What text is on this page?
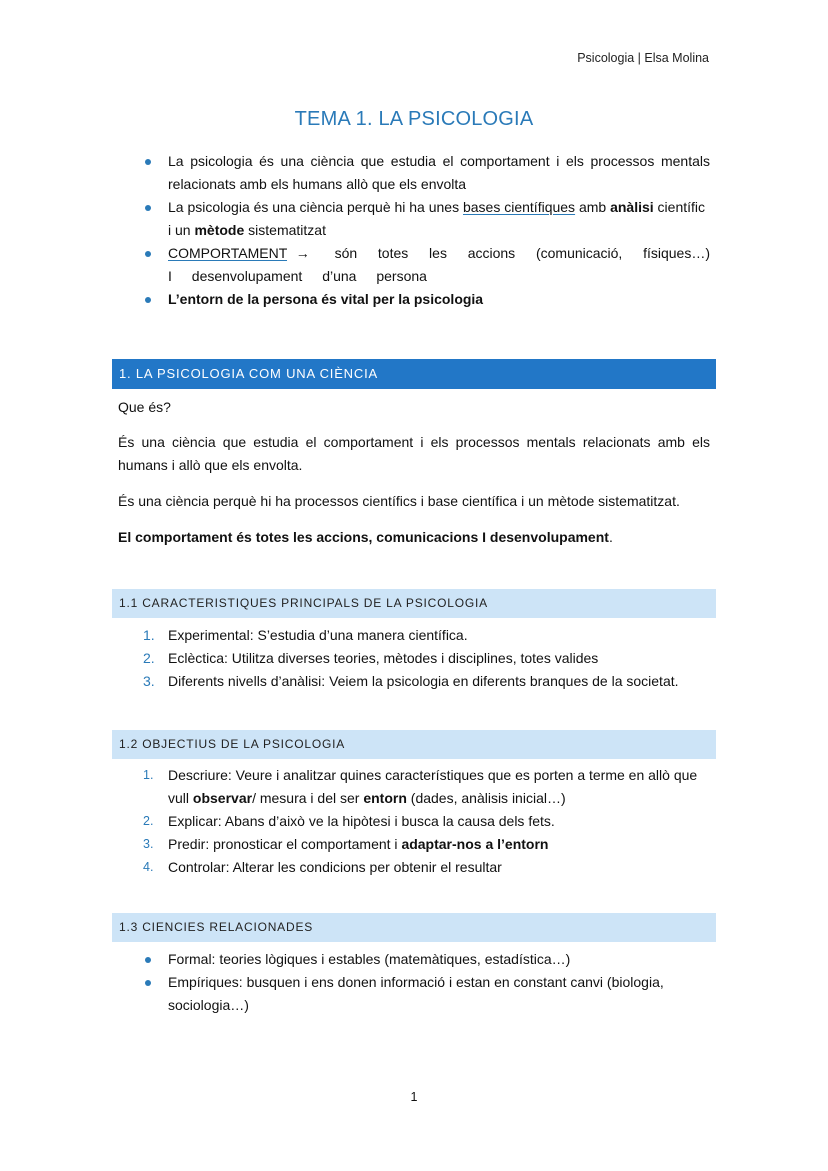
Psicologia | Elsa Molina
TEMA 1. LA PSICOLOGIA
La psicologia és una ciència que estudia el comportament i els processos mentals relacionats amb els humans allò que els envolta
La psicologia és una ciència perquè hi ha unes bases científiques amb anàlisi científic i un mètode sistematitzat
COMPORTAMENT → són totes les accions (comunicació, físiques…) I desenvolupament d’una persona
L’entorn de la persona és vital per la psicologia
1. LA PSICOLOGIA COM UNA CIÈNCIA
Que és?
És una ciència que estudia el comportament i els processos mentals relacionats amb els humans i allò que els envolta.
És una ciència perquè hi ha processos científics i base científica i un mètode sistematitzat.
El comportament és totes les accions, comunicacions I desenvolupament.
1.1 CARACTERISTIQUES PRINCIPALS DE LA PSICOLOGIA
1. Experimental: S’estudia d’una manera científica.
2. Eclèctica: Utilitza diverses teories, mètodes i disciplines, totes valides
3. Diferents nivells d’anàlisi: Veiem la psicologia en diferents branques de la societat.
1.2 OBJECTIUS DE LA PSICOLOGIA
1.	Descriure: Veure i analitzar quines característiques que es porten a terme en allò que vull observar/ mesura i del ser entorn (dades, anàlisis inicial…)
2.	Explicar: Abans d’això ve la hipòtesi i busca la causa dels fets.
3.	Predir: pronosticar el comportament i adaptar-nos a l’entorn
4.	Controlar: Alterar les condicions per obtenir el resultar
1.3 CIENCIES RELACIONADES
Formal: teories lògiques i estables (matemàtiques, estadística…)
Empíriques: busquen i ens donen informació i estan en constant canvi (biologia, sociologia…)
1
